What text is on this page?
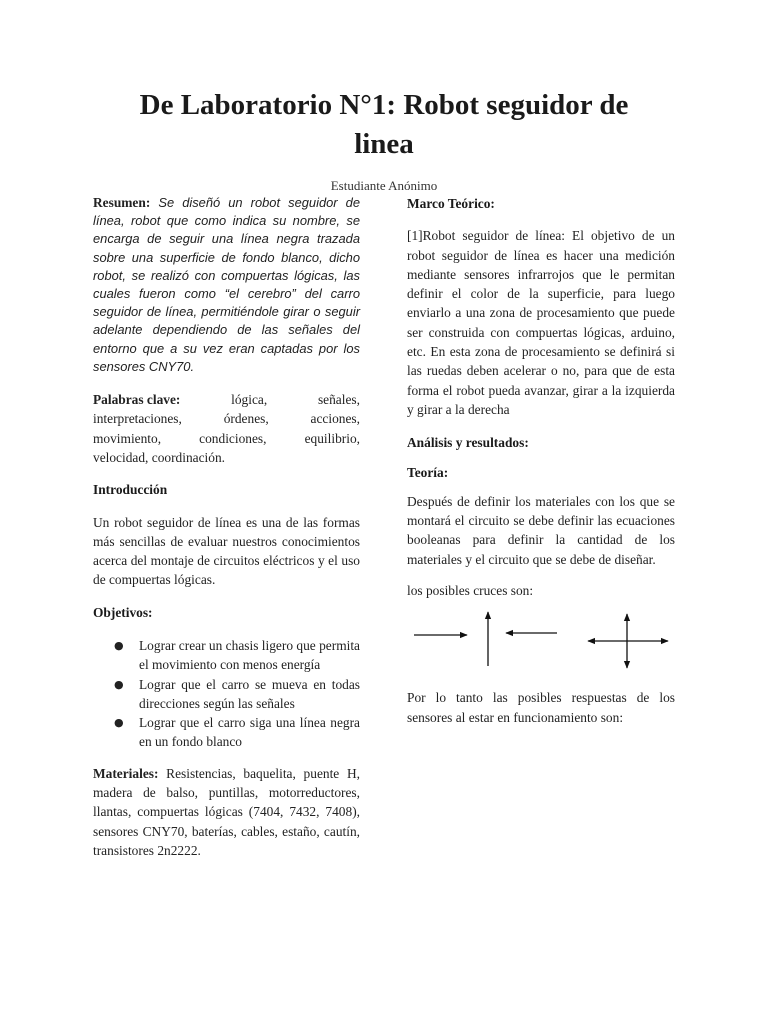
De Laboratorio N°1: Robot seguidor de
linea
Estudiante Anónimo

Resumen: Se diseñó un robot seguidor de línea, robot que como indica su nombre, se encarga de seguir una línea negra trazada sobre una superficie de fondo blanco, dicho robot, se realizó con compuertas lógicas, las cuales fueron como “el cerebro” del carro seguidor de línea, permitiéndole girar o seguir adelante dependiendo de las señales del entorno que a su vez eran captadas por los sensores CNY70.

Palabras clave:	lógica,	señales,
interpretaciones,	órdenes,	acciones,
movimiento,	condiciones,	equilibrio,
velocidad, coordinación.

Introducción

Un robot seguidor de línea es una de las formas más sencillas de evaluar nuestros conocimientos acerca del montaje de circuitos eléctricos y el uso de compuertas lógicas.

Objetivos:

● Lograr crear un chasis ligero que permita el movimiento con menos energía
● Lograr que el carro se mueva en todas direcciones según las señales
● Lograr que el carro siga una línea negra en un fondo blanco

Materiales: Resistencias, baquelita, puente H, madera de balso, puntillas, motorreductores, llantas, compuertas lógicas (7404, 7432, 7408), sensores CNY70, baterías, cables, estaño, cautín, transistores 2n2222.

Marco Teórico:

[1]Robot seguidor de línea: El objetivo de un robot seguidor de línea es hacer una medición mediante sensores infrarrojos que le permitan definir el color de la superficie, para luego enviarlo a una zona de procesamiento que puede ser construida con compuertas lógicas, arduino, etc. En esta zona de procesamiento se definirá si las ruedas deben acelerar o no, para que de esta forma el robot pueda avanzar, girar a la izquierda y girar a la derecha

Análisis y resultados:

Teoría:

Después de definir los materiales con los que se montará el circuito se debe definir las ecuaciones booleanas para definir la cantidad de los materiales y el circuito que se debe de diseñar.

los posibles cruces son:

Por lo tanto las posibles respuestas de los sensores al estar en funcionamiento son:
